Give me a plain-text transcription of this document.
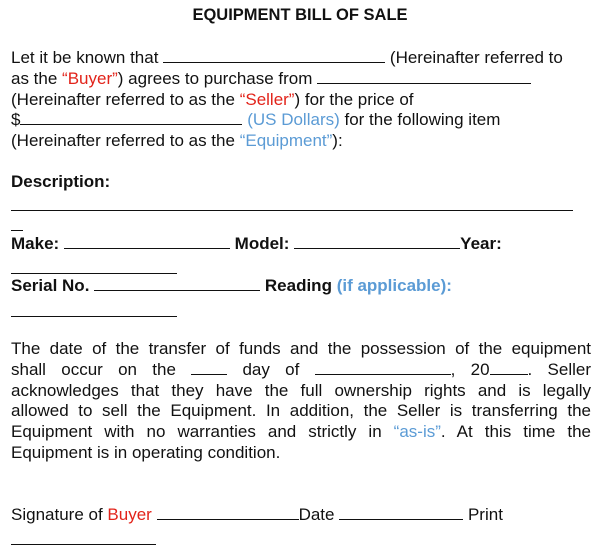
EQUIPMENT BILL OF SALE
Let it be known that	(Hereinafter referred to
as the “Buyer”) agrees to purchase from
(Hereinafter referred to as the “Seller”) for the price of
$	(US Dollars) for the following item
(Hereinafter referred to as the “Equipment”):
Description:
Make:	Model:	Year:
Serial No.	Reading (if applicable):
The date of the transfer of funds and the possession of the equipment
shall occur on the	day of	, 20 . Seller
acknowledges that they have the full ownership rights and is legally
allowed to sell the Equipment. In addition, the Seller is transferring the
Equipment with no warranties and strictly in “as-is”. At this time the
Equipment is in operating condition.
Signature of Buyer	Date	Print
